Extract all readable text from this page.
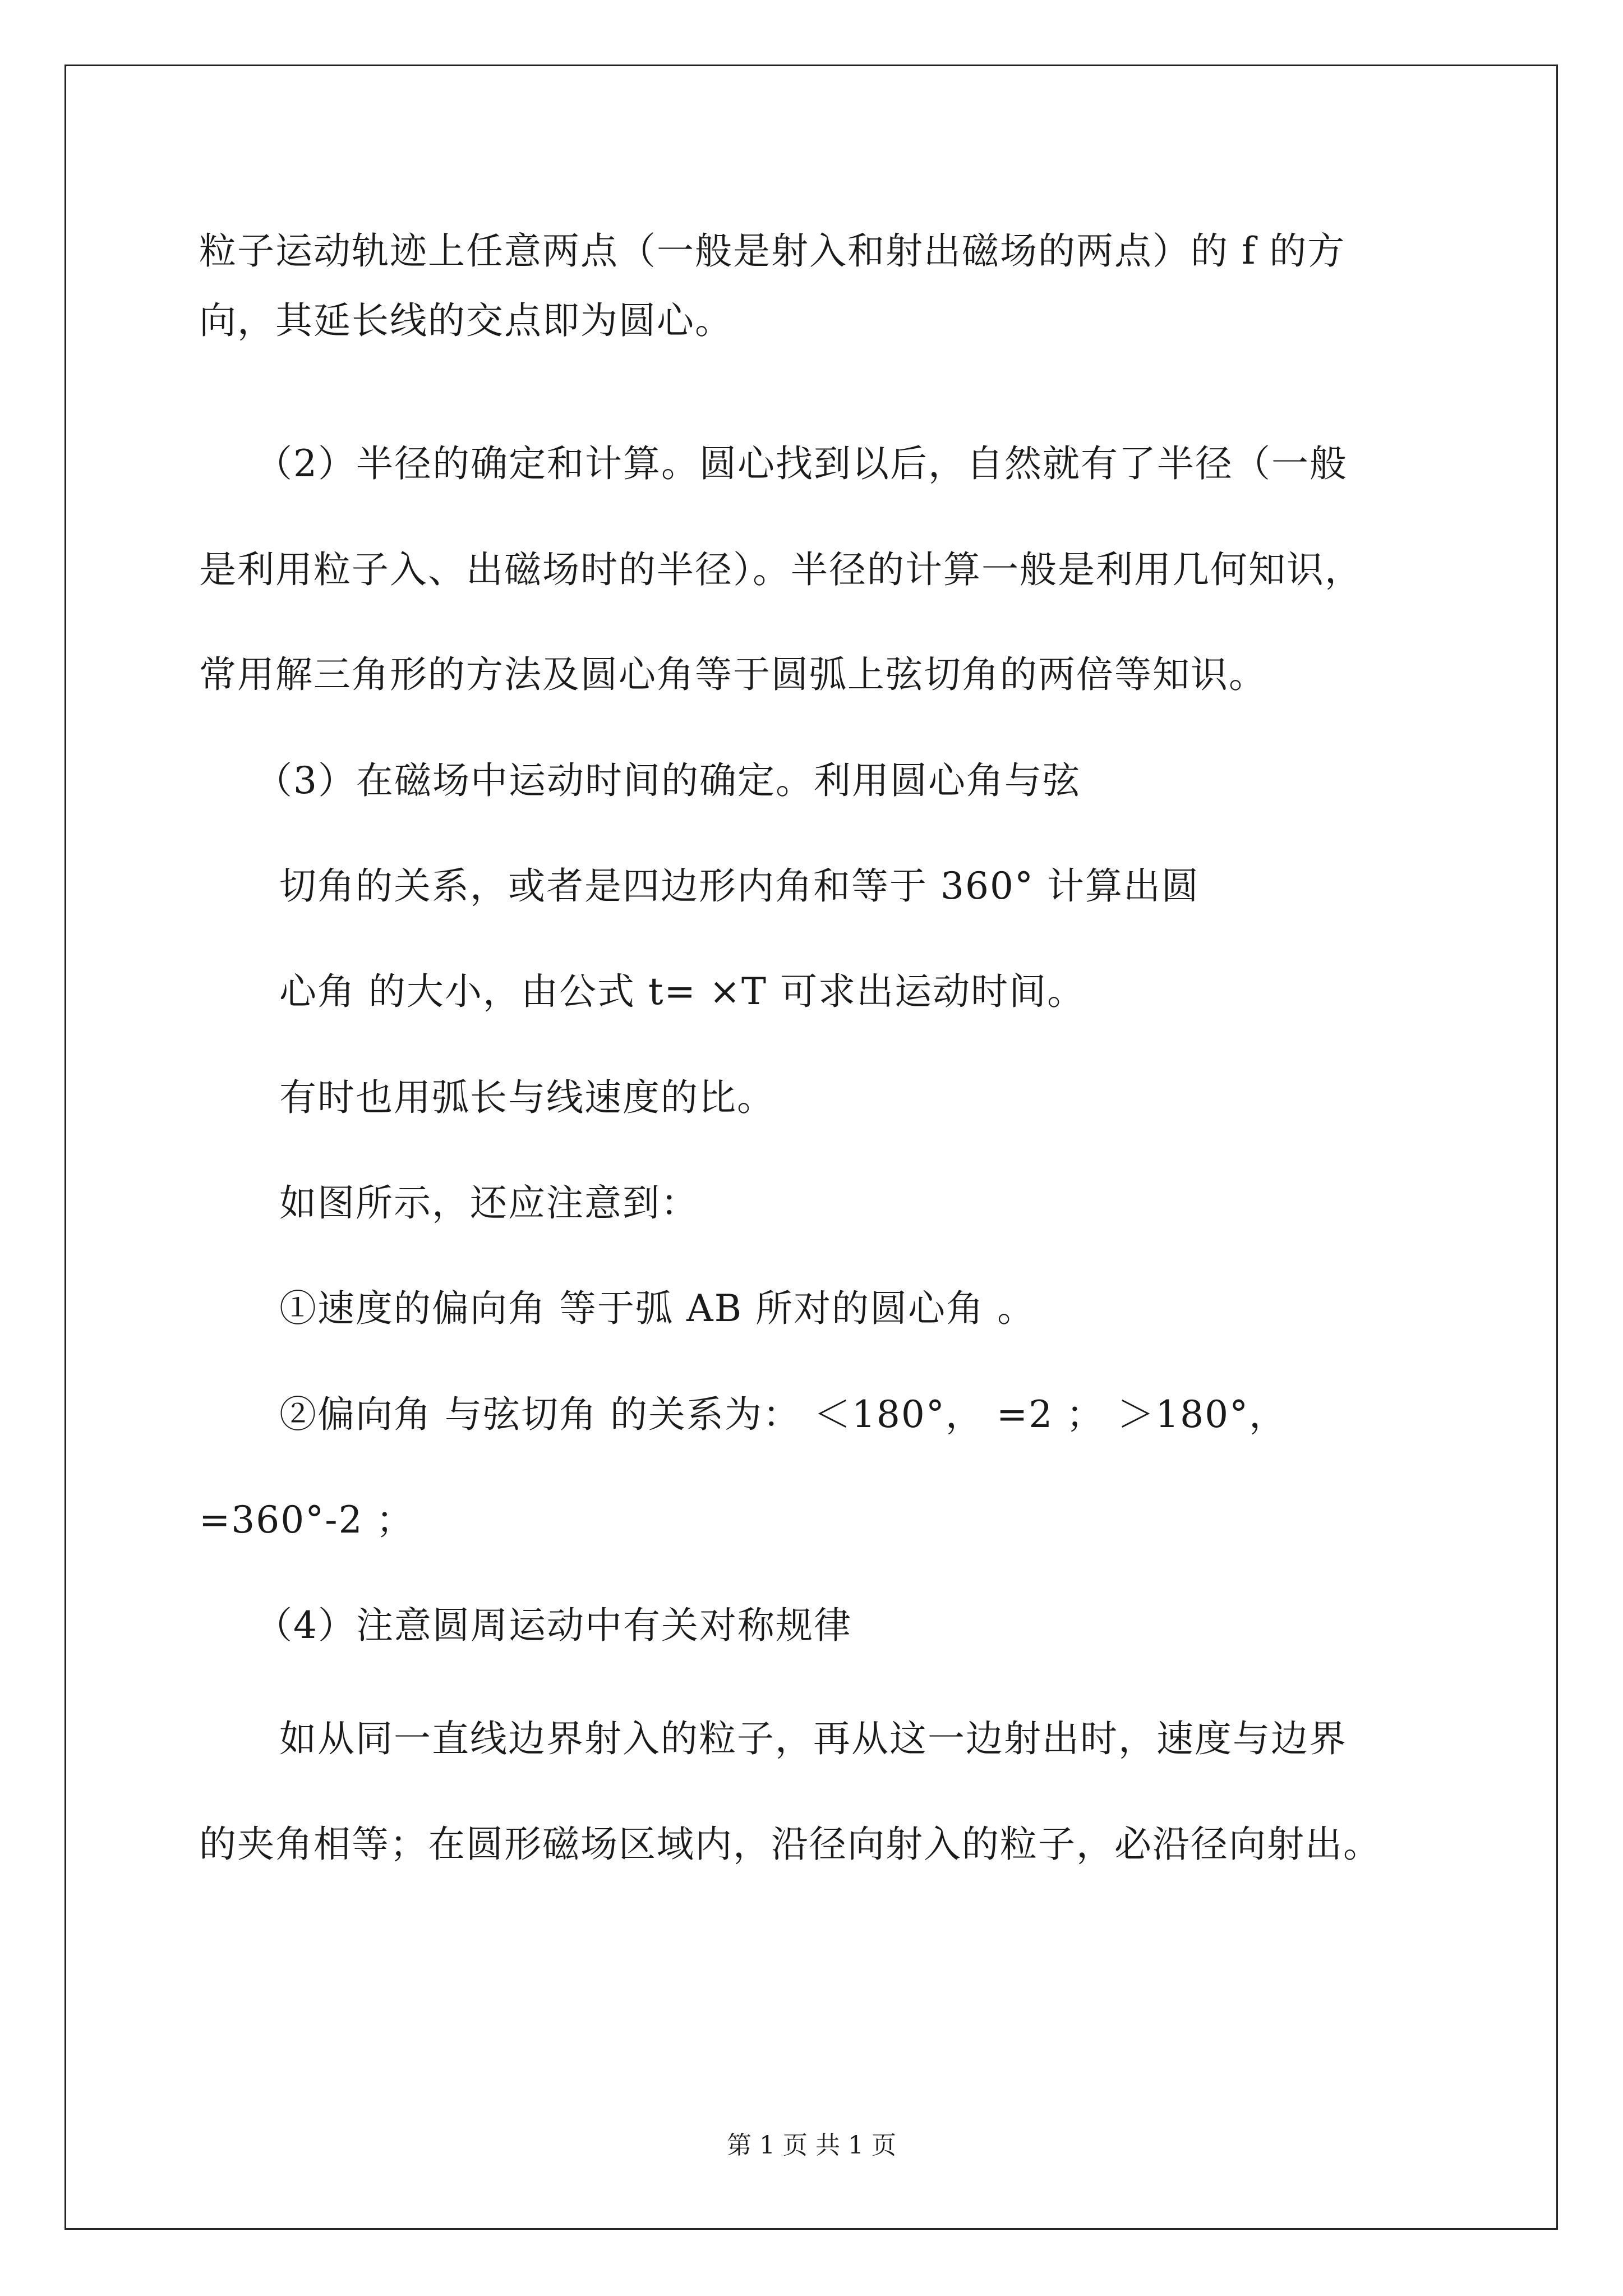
粒子运动轨迹上任意两点（一般是射入和射出磁场的两点）的 f 的方
向，其延长线的交点即为圆心。
（2）半径的确定和计算。圆心找到以后，自然就有了半径（一般
是利用粒子入、出磁场时的半径）。半径的计算一般是利用几何知识，
常用解三角形的方法及圆心角等于圆弧上弦切角的两倍等知识。
（3）在磁场中运动时间的确定。利用圆心角与弦
切角的关系，或者是四边形内角和等于 360° 计算出圆
心角 的大小，由公式 t= ×T 可求出运动时间。
有时也用弧长与线速度的比。
如图所示，还应注意到：
①速度的偏向角 等于弧 AB 所对的圆心角 。
②偏向角 与弦切角 的关系为： ＜180°， =2 ； ＞180°，
=360°-2 ；
（4）注意圆周运动中有关对称规律
如从同一直线边界射入的粒子，再从这一边射出时，速度与边界
的夹角相等；在圆形磁场区域内，沿径向射入的粒子，必沿径向射出。
第 1 页 共 1 页
